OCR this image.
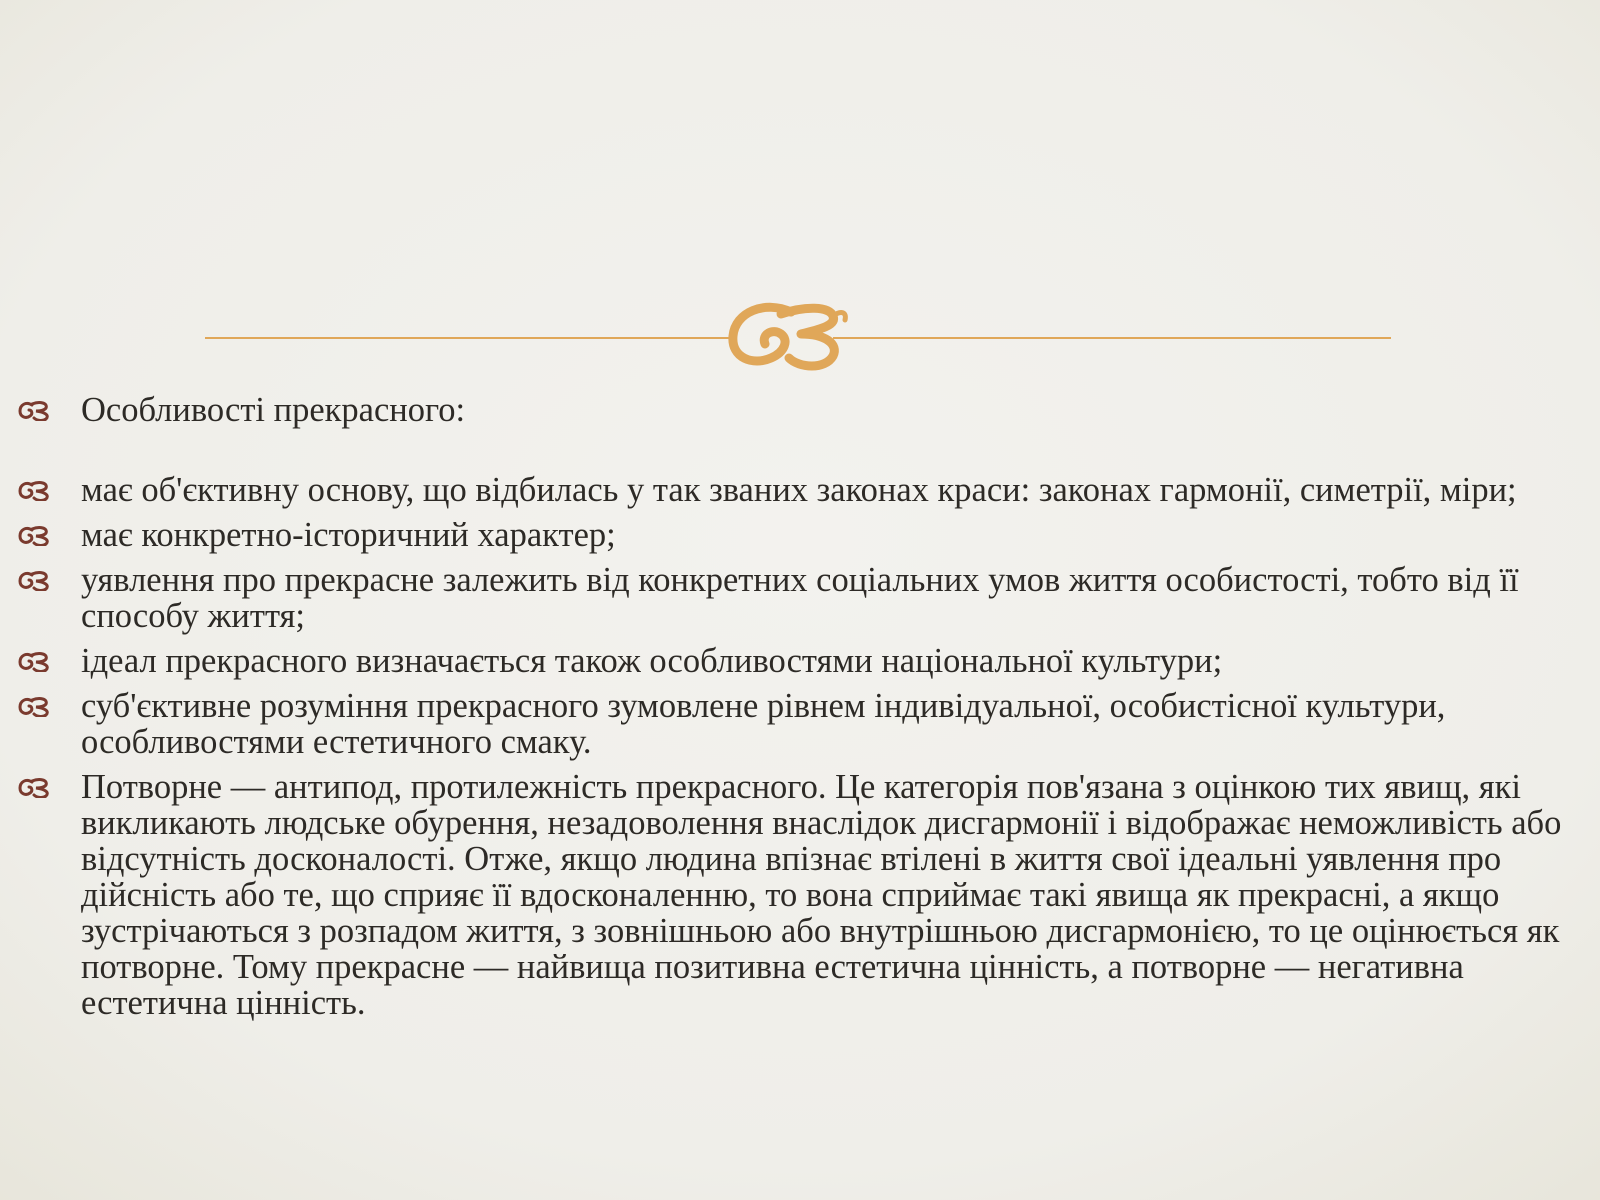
Особливості прекрасного:
має об'єктивну основу, що відбилась у так званих законах краси: законах гармонії, симетрії, міри;
має конкретно-історичний характер;
уявлення про прекрасне залежить від конкретних соціальних умов життя особистості, тобто від її способу життя;
ідеал прекрасного визначається також особливостями національної культури;
суб'єктивне розуміння прекрасного зумовлене рівнем індивідуальної, особистісної культури, особливостями естетичного смаку.
Потворне — антипод, протилежність прекрасного. Це категорія пов'язана з оцінкою тих явищ, які викликають людське обурення, незадоволення внаслідок дисгармонії і відображає неможливість або відсутність досконалості. Отже, якщо людина впізнає втілені в життя свої ідеальні уявлення про дійсність або те, що сприяє її вдосконаленню, то вона сприймає такі явища як прекрасні, а якщо зустрічаються з розпадом життя, з зовнішньою або внутрішньою дисгармонією, то це оцінюється як потворне. Тому прекрасне — найвища позитивна естетична цінність, а потворне — негативна естетична цінність.
